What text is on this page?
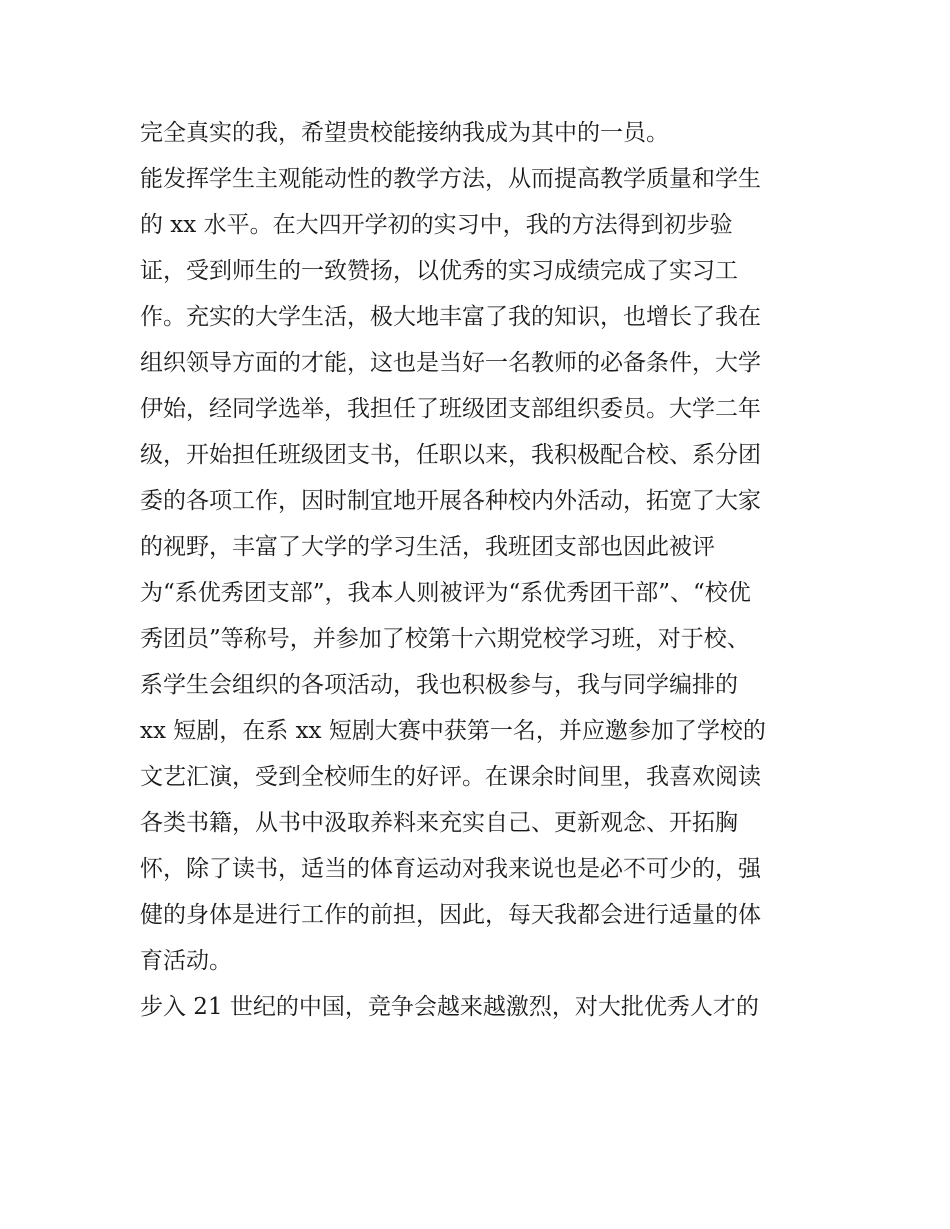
完全真实的我，希望贵校能接纳我成为其中的一员。
能发挥学生主观能动性的教学方法，从而提高教学质量和学生
的 xx 水平。在大四开学初的实习中，我的方法得到初步验
证，受到师生的一致赞扬，以优秀的实习成绩完成了实习工
作。充实的大学生活，极大地丰富了我的知识，也增长了我在
组织领导方面的才能，这也是当好一名教师的必备条件，大学
伊始，经同学选举，我担任了班级团支部组织委员。大学二年
级，开始担任班级团支书，任职以来，我积极配合校、系分团
委的各项工作，因时制宜地开展各种校内外活动，拓宽了大家
的视野，丰富了大学的学习生活，我班团支部也因此被评
为“系优秀团支部”，我本人则被评为“系优秀团干部”、“校优
秀团员”等称号，并参加了校第十六期党校学习班，对于校、
系学生会组织的各项活动，我也积极参与，我与同学编排的
xx 短剧，在系 xx 短剧大赛中获第一名，并应邀参加了学校的
文艺汇演，受到全校师生的好评。在课余时间里，我喜欢阅读
各类书籍，从书中汲取养料来充实自己、更新观念、开拓胸
怀，除了读书，适当的体育运动对我来说也是必不可少的，强
健的身体是进行工作的前担，因此，每天我都会进行适量的体
育活动。
步入 21 世纪的中国，竞争会越来越激烈，对大批优秀人才的
